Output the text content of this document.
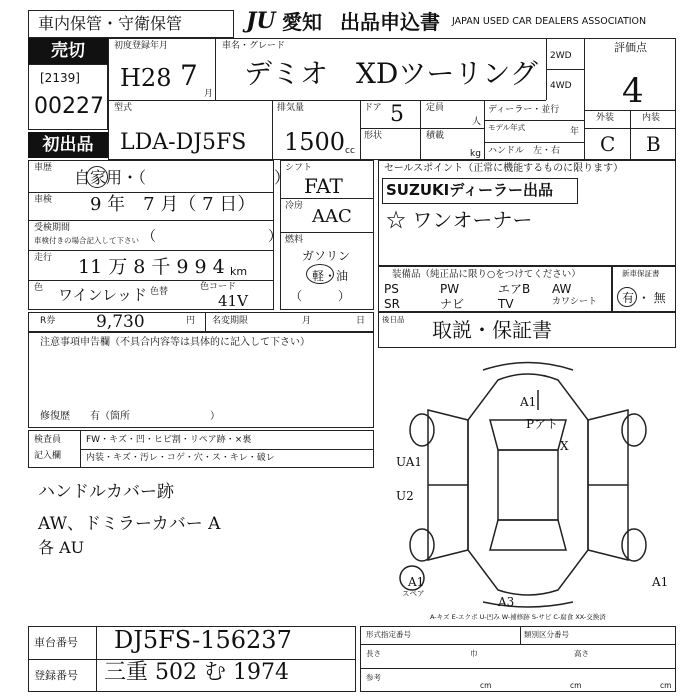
車内保管・守衛保管	JU 愛知 出品申込書 JAPAN USED CAR DEALERS ASSOCIATION
売切
[2139]
00227
初出品
初度登録年月
H28 7
月
車名・グレード
デミオ　XDツーリング
2WD
4WD
評価点
4
型式
LDA-DJ5FS
排気量
1500 cc
ドア 5
形状
定員
人
積載
kg
ディーラー・並行
モデル年式	年
ハンドル　左・右
外装	内装
C B
車歴 自家用・（　　　　　　　　）
車検 9 年　7 月（ 7 日）
受検期間
車検付きの場合記入して下さい （　　　　　　　　）
走行 11 万 8 千 9 9 4 km
色 ワインレッド 色替	色コード
41V
シフト
FAT
冷房 AAC
燃料
ガソリン
軽・油
（　　　）
セールスポイント（正常に機能するものに限ります）
SUZUKIディーラー出品
☆ ワンオーナー
装備品（純正品に限り○をつけてください）
PS	PW	エアB AW
SR	ナビ	TV	カワシート
新車保証書
有 ・ 無
R券 9,730	円 名変期限	月	日 後日品 取説・保証書
注意事項申告欄（不具合内容等は具体的に記入して下さい）
修復歴　　有（箇所　　　　　　　　）
検査員
記入欄
FW・キズ・凹・ヒビ割・リペア跡・×裏
内装・キズ・汚レ・コゲ・穴・ス・キレ・破レ
ハンドルカバー跡
AW、ドミラーカバー A
各 AU
A1
Pアト
X
UA1
U2
A1	A1
A3
スペア
A-キズ E-エクボ U-凹み W-補修跡 S-サビ C-腐食 XX-交換済
車台番号 DJ5FS-156237
登録番号 三重 502 む 1974
形式指定番号	類別区分番号
長さ	巾	高さ
参考
cm	cm	cm
